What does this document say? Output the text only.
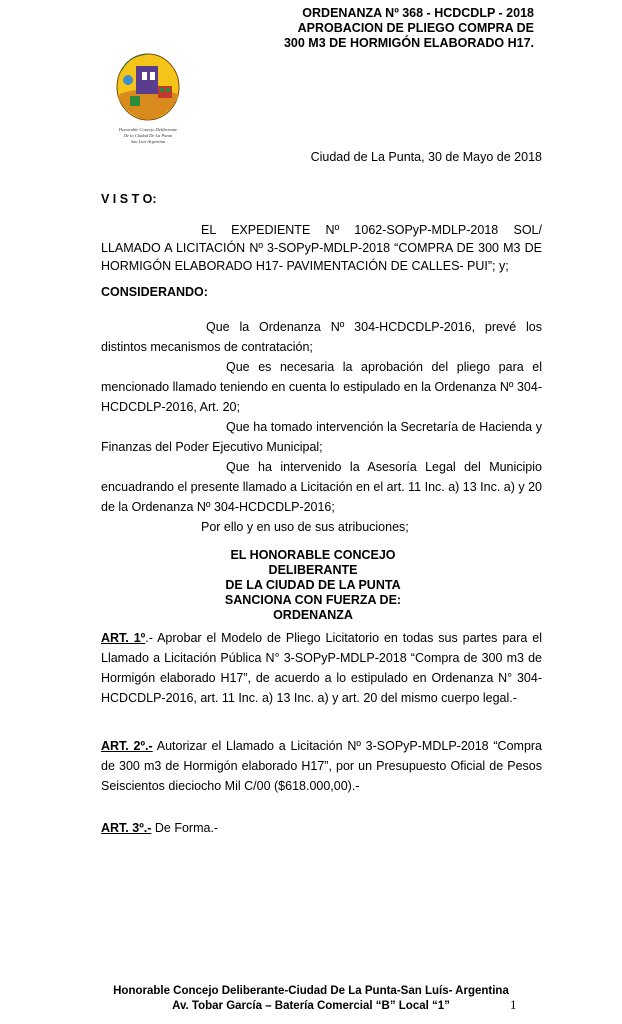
ORDENANZA Nº 368 - HCDCDLP - 2018
APROBACION DE PLIEGO COMPRA DE
300 M3 DE HORMIGÓN ELABORADO H17.
Honorable Concejo Deliberante
De la Ciudad De La Punta
San Luis Argentina
Ciudad de La Punta, 30 de Mayo de 2018
V I S T O:
EL EXPEDIENTE Nº 1062-SOPyP-MDLP-2018 SOL/ LLAMADO A LICITACIÓN Nº 3-SOPyP-MDLP-2018 “COMPRA DE 300 M3 DE HORMIGÓN ELABORADO H17- PAVIMENTACIÓN DE CALLES- PUI”; y;
CONSIDERANDO:
Que la Ordenanza Nº 304-HCDCDLP-2016, prevé los distintos mecanismos de contratación;
Que es necesaria la aprobación del pliego para el mencionado llamado teniendo en cuenta lo estipulado en la Ordenanza Nº 304-HCDCDLP-2016, Art. 20;
Que ha tomado intervención la Secretaría de Hacienda y Finanzas del Poder Ejecutivo Municipal;
Que ha intervenido la Asesoría Legal del Municipio encuadrando el presente llamado a Licitación en el art. 11 Inc. a) 13 Inc. a) y 20 de la Ordenanza Nº 304-HCDCDLP-2016;
Por ello y en uso de sus atribuciones;
EL HONORABLE CONCEJO DELIBERANTE
DE LA CIUDAD DE LA PUNTA
SANCIONA CON FUERZA DE:
ORDENANZA
ART. 1º.- Aprobar el Modelo de Pliego Licitatorio en todas sus partes para el Llamado a Licitación Pública N° 3-SOPyP-MDLP-2018 “Compra de 300 m3 de Hormigón elaborado H17”, de acuerdo a lo estipulado en Ordenanza N° 304-HCDCDLP-2016, art. 11 Inc. a) 13 Inc. a) y art. 20 del mismo cuerpo legal.-
ART. 2º.- Autorizar el Llamado a Licitación Nº 3-SOPyP-MDLP-2018 “Compra de 300 m3 de Hormigón elaborado H17”, por un Presupuesto Oficial de Pesos Seiscientos dieciocho Mil C/00 ($618.000,00).-
ART. 3º.- De Forma.-
Honorable Concejo Deliberante-Ciudad De La Punta-San Luís- Argentina
Av. Tobar García – Batería Comercial “B” Local “1”	1
